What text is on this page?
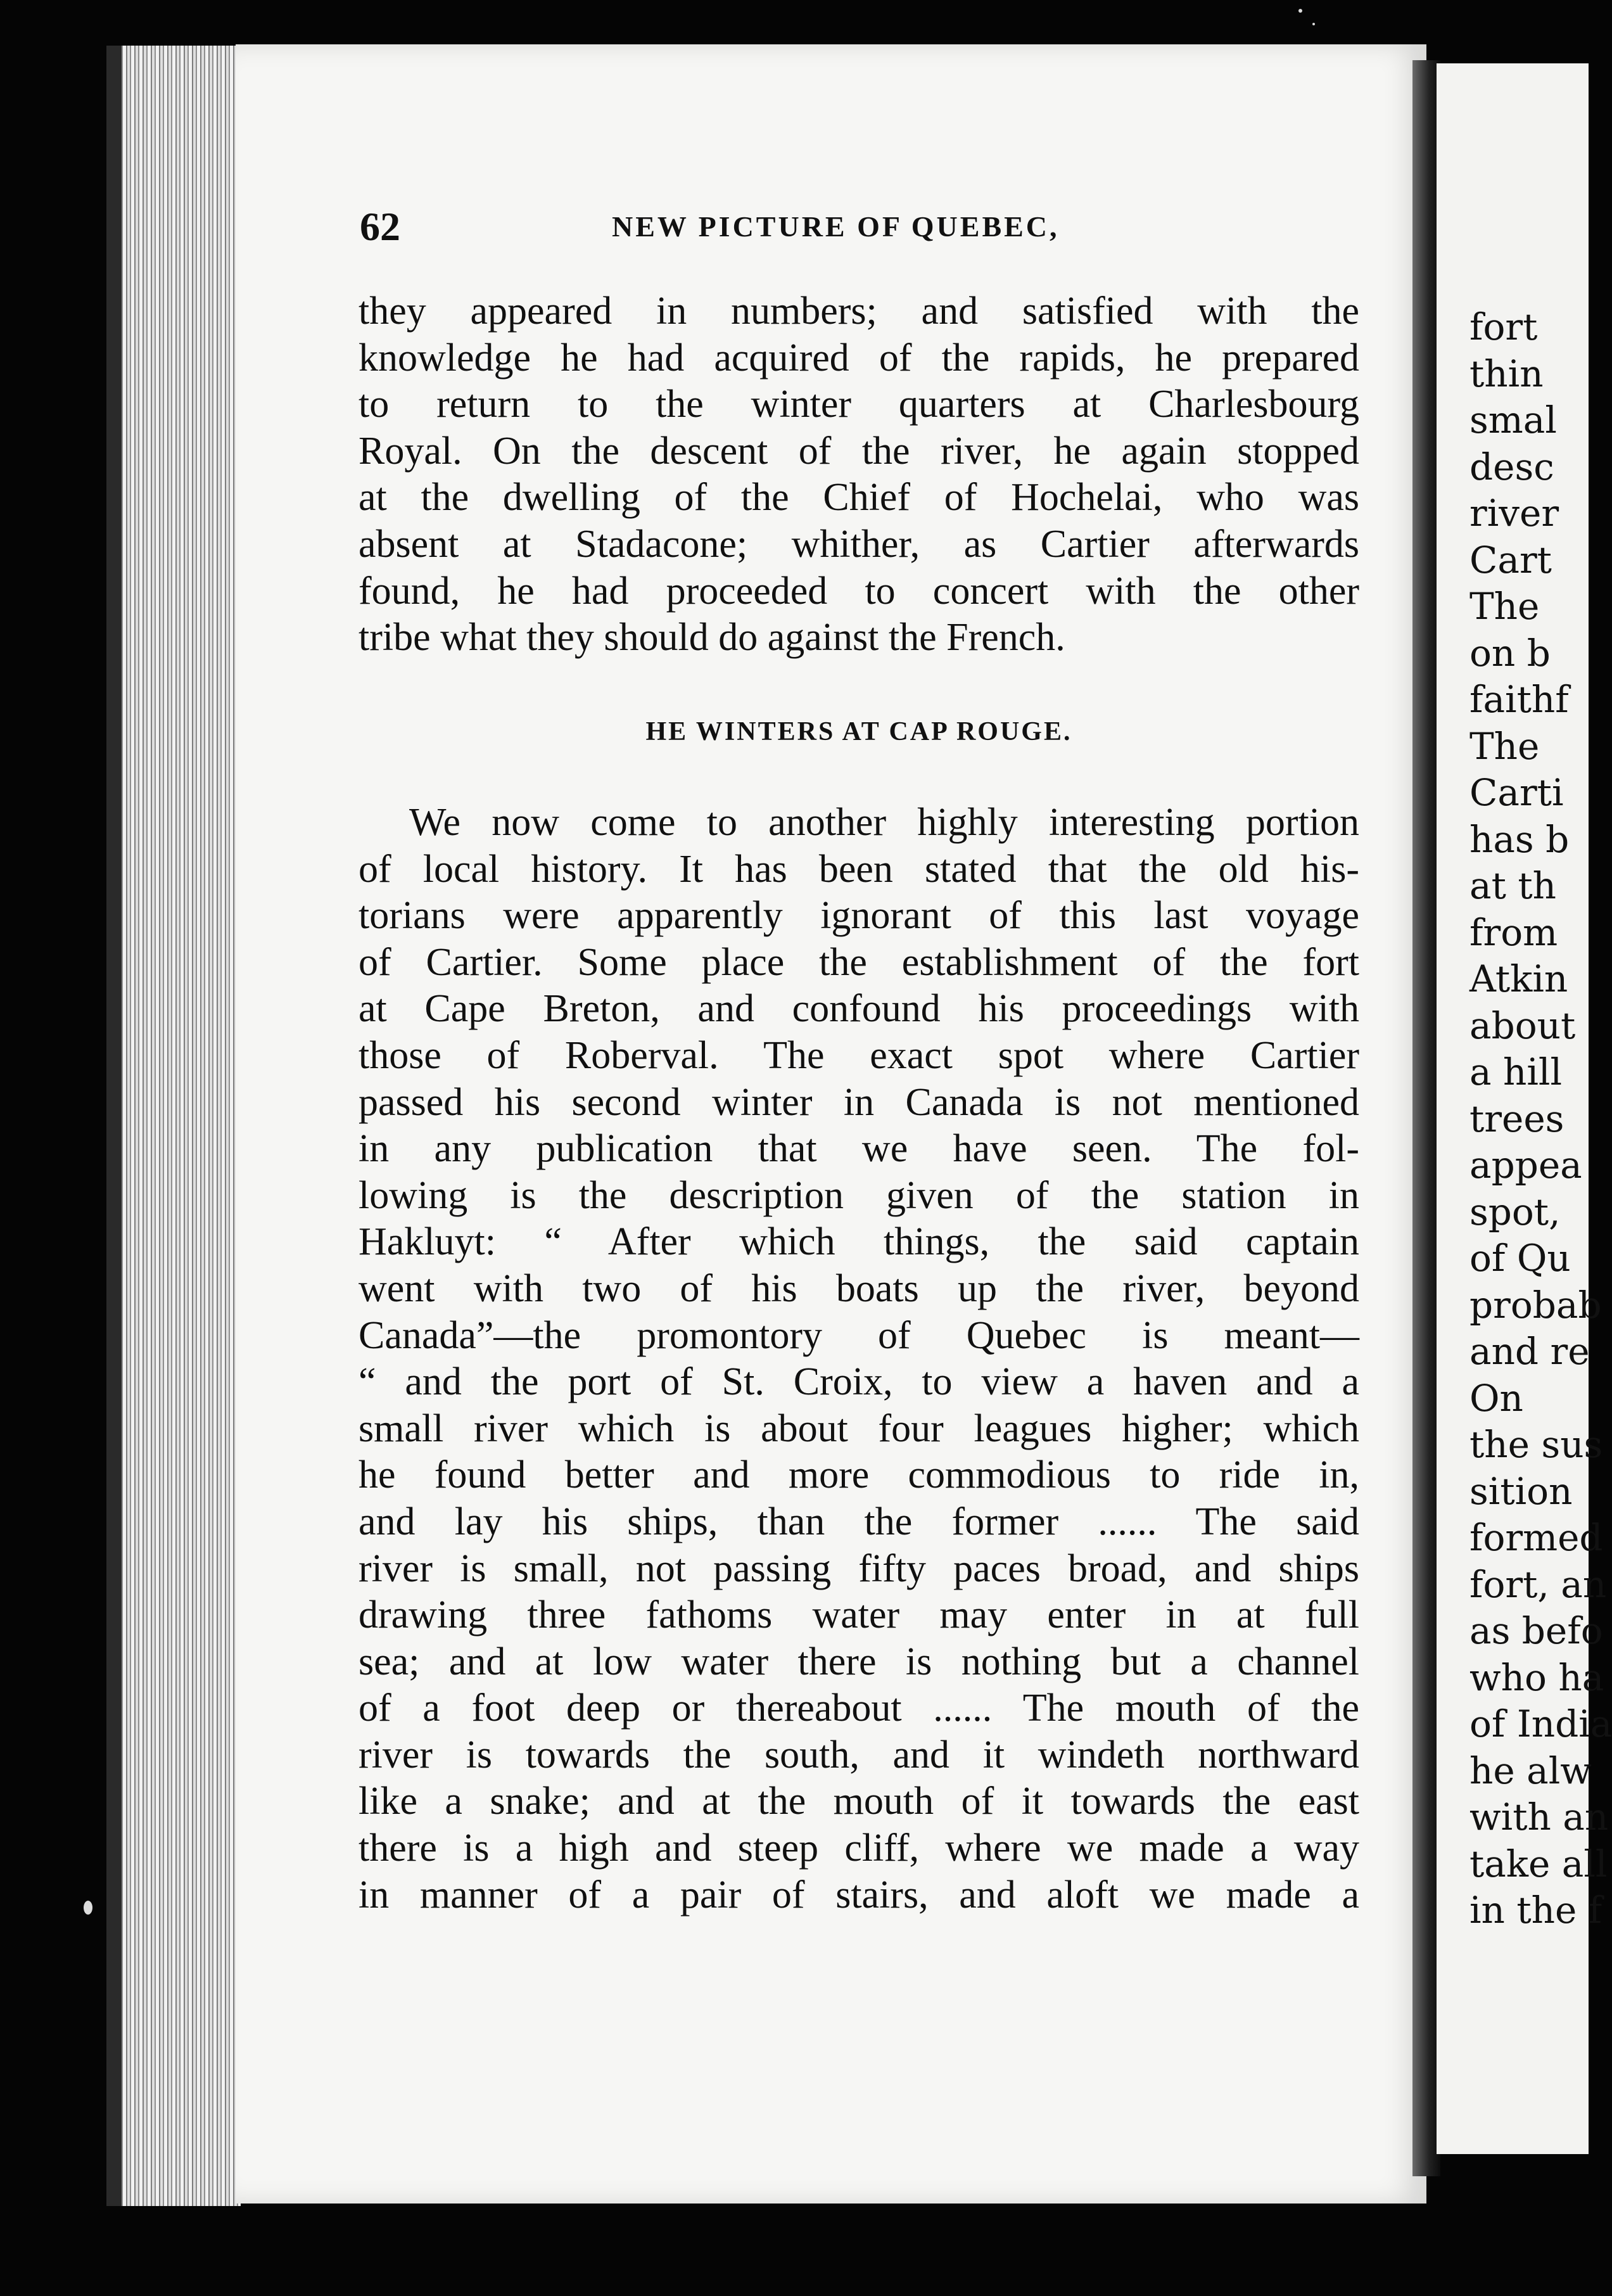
fort
thin
smal
desc
river
Cart
The
on b
faithf
The
Carti
has b
at th
from
Atkin
about
a hill
trees
appea
spot,
of Qu
probab
and re
On
the sus
sition
formed
fort, an
as befo
who ha
of India
he alw
with an
take all
in the f
62	NEW PICTURE OF QUEBEC,
they appeared in numbers; and satisfied with the
knowledge he had acquired of the rapids, he prepared
to return to the winter quarters at Charlesbourg
Royal. On the descent of the river, he again stopped
at the dwelling of the Chief of Hochelai, who was
absent at Stadacone; whither, as Cartier afterwards
found, he had proceeded to concert with the other
tribe what they should do against the French.
HE WINTERS AT CAP ROUGE.
We now come to another highly interesting portion
of local history. It has been stated that the old his-
torians were apparently ignorant of this last voyage
of Cartier. Some place the establishment of the fort
at Cape Breton, and confound his proceedings with
those of Roberval. The exact spot where Cartier
passed his second winter in Canada is not mentioned
in any publication that we have seen. The fol-
lowing is the description given of the station in
Hakluyt: “ After which things, the said captain
went with two of his boats up the river, beyond
Canada”—the promontory of Quebec is meant—
“ and the port of St. Croix, to view a haven and a
small river which is about four leagues higher; which
he found better and more commodious to ride in,
and lay his ships, than the former ...... The said
river is small, not passing fifty paces broad, and ships
drawing three fathoms water may enter in at full
sea; and at low water there is nothing but a channel
of a foot deep or thereabout ...... The mouth of the
river is towards the south, and it windeth northward
like a snake; and at the mouth of it towards the east
there is a high and steep cliff, where we made a way
in manner of a pair of stairs, and aloft we made a
